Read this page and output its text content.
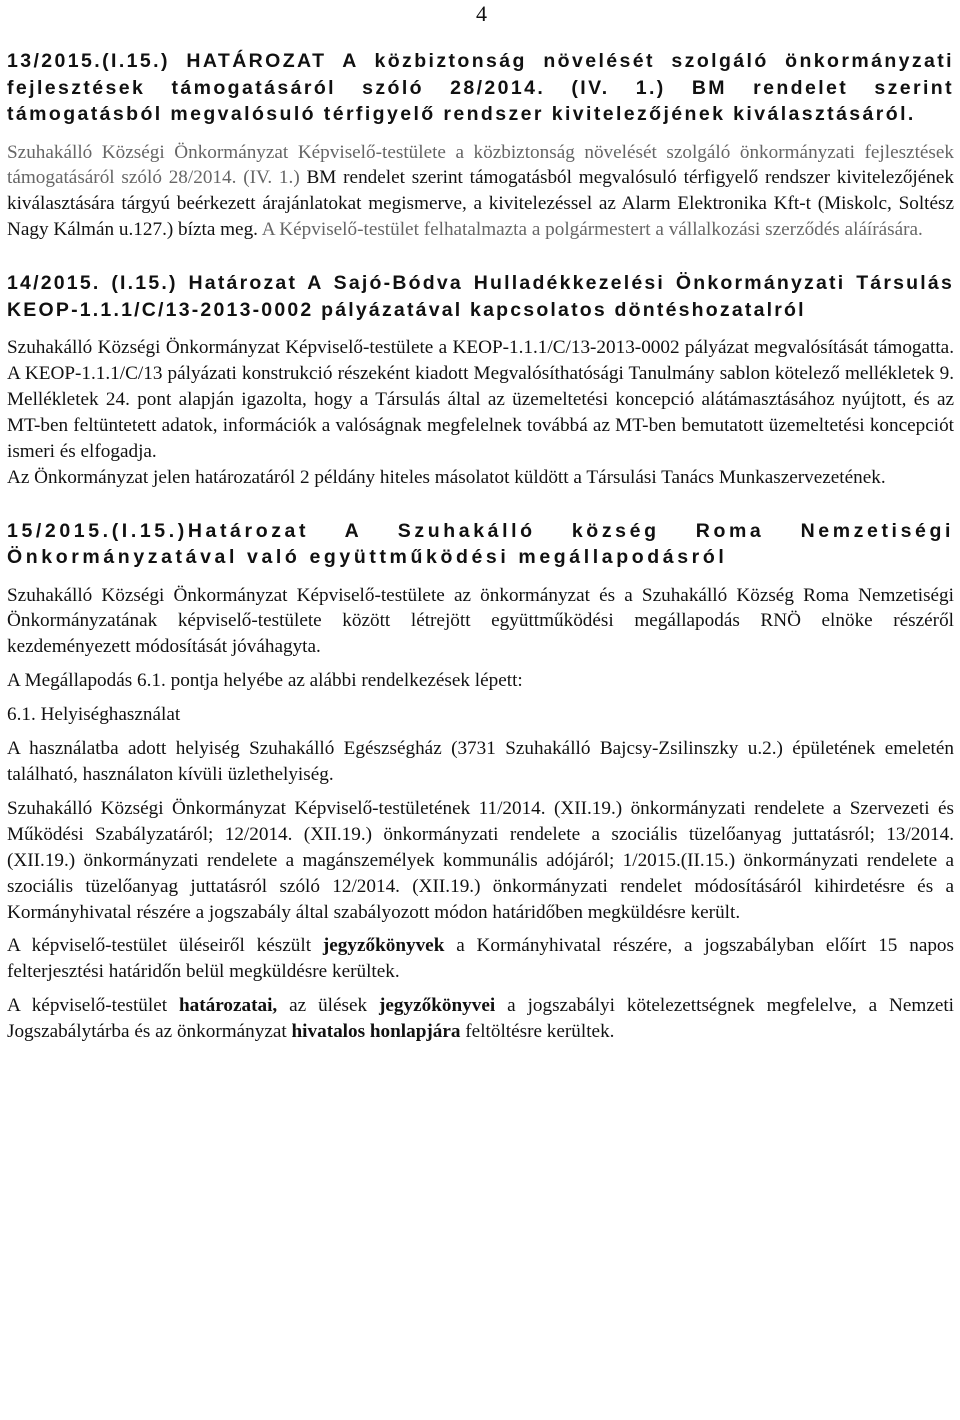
4
13/2015.(I.15.) HATÁROZAT A közbiztonság növelését szolgáló önkormányzati fejlesztések támogatásáról szóló 28/2014. (IV. 1.) BM rendelet szerint támogatásból megvalósuló térfigyelő rendszer kivitelezőjének kiválasztásáról.

Szuhakálló Községi Önkormányzat Képviselő-testülete a közbiztonság növelését szolgáló önkormányzati fejlesztések támogatásáról szóló 28/2014. (IV. 1.) BM rendelet szerint támogatásból megvalósuló térfigyelő rendszer kivitelezőjének kiválasztására tárgyú beérkezett árajánlatokat megismerve, a kivitelezéssel az Alarm Elektronika Kft-t (Miskolc, Soltész Nagy Kálmán u.127.) bízta meg. A Képviselő-testület felhatalmazta a polgármestert a vállalkozási szerződés aláírására.

14/2015. (I.15.) Határozat A Sajó-Bódva Hulladékkezelési Önkormányzati Társulás KEOP-1.1.1/C/13-2013-0002 pályázatával kapcsolatos döntéshozatalról

Szuhakálló Községi Önkormányzat Képviselő-testülete a KEOP-1.1.1/C/13-2013-0002 pályázat megvalósítását támogatta. A KEOP-1.1.1/C/13 pályázati konstrukció részeként kiadott Megvalósíthatósági Tanulmány sablon kötelező mellékletek 9. Mellékletek 24. pont alapján igazolta, hogy a Társulás által az üzemeltetési koncepció alátámasztásához nyújtott, és az MT-ben feltüntetett adatok, információk a valóságnak megfelelnek továbbá az MT-ben bemutatott üzemeltetési koncepciót ismeri és elfogadja.

Az Önkormányzat jelen határozatáról 2 példány hiteles másolatot küldött a Társulási Tanács Munkaszervezetének.

15/2015.(I.15.)Határozat A Szuhakálló község Roma Nemzetiségi Önkormányzatával való együttműködési megállapodásról

Szuhakálló Községi Önkormányzat Képviselő-testülete az önkormányzat és a Szuhakálló Község Roma Nemzetiségi Önkormányzatának képviselő-testülete között létrejött együttműködési megállapodás RNÖ elnöke részéről kezdeményezett módosítását jóváhagyta.

A Megállapodás 6.1. pontja helyébe az alábbi rendelkezések lépett:

6.1. Helyiséghasználat

A használatba adott helyiség Szuhakálló Egészségház (3731 Szuhakálló Bajcsy-Zsilinszky u.2.) épületének emeletén található, használaton kívüli üzlethelyiség.

Szuhakálló Községi Önkormányzat Képviselő-testületének 11/2014. (XII.19.) önkormányzati rendelete a Szervezeti és Működési Szabályzatáról; 12/2014. (XII.19.) önkormányzati rendelete a szociális tüzelőanyag juttatásról; 13/2014.(XII.19.) önkormányzati rendelete a magánszemélyek kommunális adójáról; 1/2015.(II.15.) önkormányzati rendelete a szociális tüzelőanyag juttatásról szóló 12/2014. (XII.19.) önkormányzati rendelet módosításáról kihirdetésre és a Kormányhivatal részére a jogszabály által szabályozott módon határidőben megküldésre került.

A képviselő-testület üléseiről készült jegyzőkönyvek a Kormányhivatal részére, a jogszabályban előírt 15 napos felterjesztési határidőn belül megküldésre kerültek.

A képviselő-testület határozatai, az ülések jegyzőkönyvei a jogszabályi kötelezettségnek megfelelve, a Nemzeti Jogszabálytárba és az önkormányzat hivatalos honlapjára feltöltésre kerültek.
